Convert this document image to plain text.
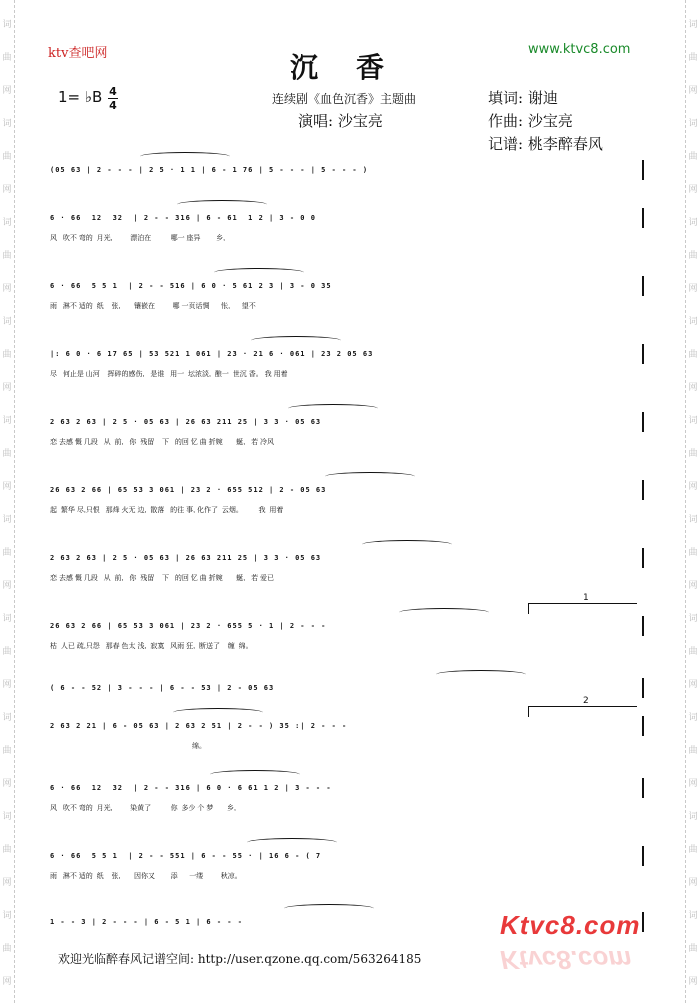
词
曲
网
词
曲
网
词
曲
网
词
曲
网
词
曲
网
词
曲
网
词
曲
网
词
曲
网
词
曲
网
词
曲
网
词
曲
网
词
曲
网
词
曲
网
词
曲
网
词
曲
网
词
曲
网
词
曲
网
词
曲
网
词
曲
网
词
曲
网
ktv查吧网	www.ktvc8.com
沉香
1= ♭B 4
4	连续剧《血色沉香》主题曲
演唱: 沙宝亮
填词: 谢迪
作曲: 沙宝亮
记谱: 桃李醉春风
(05 63 | 2 - - - | 2 5 · 1 1 | 6 - 1 76 | 5 - - - | 5 - - - )
6 · 66  12  32  | 2 - - 316 | 6 - 61  1 2 | 3 - 0 0
风   吹不 弯的  月光,         漂泊在          哪一 座异        乡,
6 · 66  5 5 1  | 2 - - 516 | 6 0 · 5 61 2 3 | 3 - 0 35
雨   淋不 适的  纸    张,       镶嵌在         哪 一页话惆      怅,      望不
|: 6 0 · 6 17 65 | 53 521 1 061 | 23 · 21 6 · 061 | 23 2 05 63
尽   何止是 山河    挥碎的感伤,   是谁   用一  坛浓淡,  酿一  世沉 香。 我 用着
2 63 2 63 | 2 5 · 05 63 | 26 63 211 25 | 3 3 · 05 63
恋 去感 慨 几段   从  前,   你  残留    下   的回 忆 曲 折婉       蜒,   若 冷风
26 63 2 66 | 65 53 3 061 | 23 2 · 655 512 | 2 - 05 63
起  繁华 尽,只恨   那烽 火无 边,  散落   的往 事, 化作了  云烟。        我  用着
2 63 2 63 | 2 5 · 05 63 | 26 63 211 25 | 3 3 · 05 63
恋 去感 慨 几段   从  前,   你  残留    下   的回 忆 曲 折婉       蜒,   若 爱已
26 63 2 66 | 65 53 3 061 | 23 2 · 655 5 · 1 | 2 - - -
枯  人已 疏,只怨   那春 色太 浅,  寂寞   风雨 狂,  断送了    缠  绵。
( 6 - - 52 | 3 - - - | 6 - - 53 | 2 - 05 63
2 63 2 21 | 6 - 05 63 | 2 63 2 51 | 2 - - ) 35 :| 2 - - -
绵。
6 · 66  12  32  | 2 - - 316 | 6 0 · 6 61 1 2 | 3 - - -
风   吹不 弯的  月光,         染黄了          你  多少 个 梦       乡,
6 · 66  5 5 1  | 2 - - 551 | 6 - - 55 · | 16 6 - ( 7
雨   淋不 适的  纸    张,       因你又        添      一缕         秋凉。
1 - - 3 | 2 - - - | 6 - 5 1 | 6 - - -
1
2
欢迎光临醉春风记谱空间: http://user.qzone.qq.com/563264185
Ktvc8.com
Ktvc8.com
